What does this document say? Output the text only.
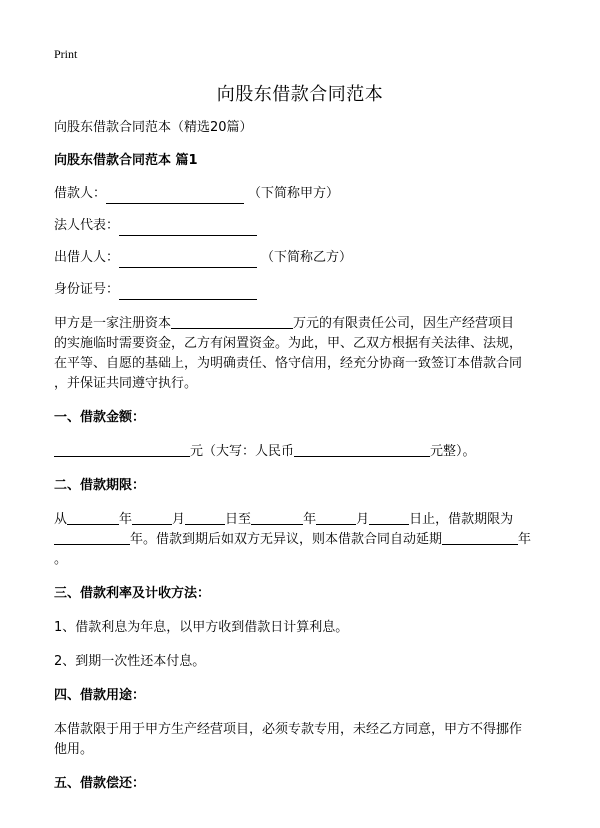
Print
向股东借款合同范本

向股东借款合同范本（精选20篇）

向股东借款合同范本 篇1

借款人：	（下简称甲方）
法人代表：
出借人人：	（下简称乙方）
身份证号：
甲方是一家注册资本	万元的有限责任公司，因生产经营项目
的实施临时需要资金，乙方有闲置资金。为此，甲、乙双方根据有关法律、法规，
在平等、自愿的基础上，为明确责任、恪守信用，经充分协商一致签订本借款合同
，并保证共同遵守执行。

一、借款金额：

元（大写：人民币	元整）。

二、借款期限：

从	年	月	日至	年	月	日止，借款期限为
年。借款到期后如双方无异议，则本借款合同自动延期	年
。

三、借款利率及计收方法：

1、借款利息为年息，以甲方收到借款日计算利息。

2、到期一次性还本付息。

四、借款用途：

本借款限于用于甲方生产经营项目，必须专款专用，未经乙方同意，甲方不得挪作
他用。

五、借款偿还：
